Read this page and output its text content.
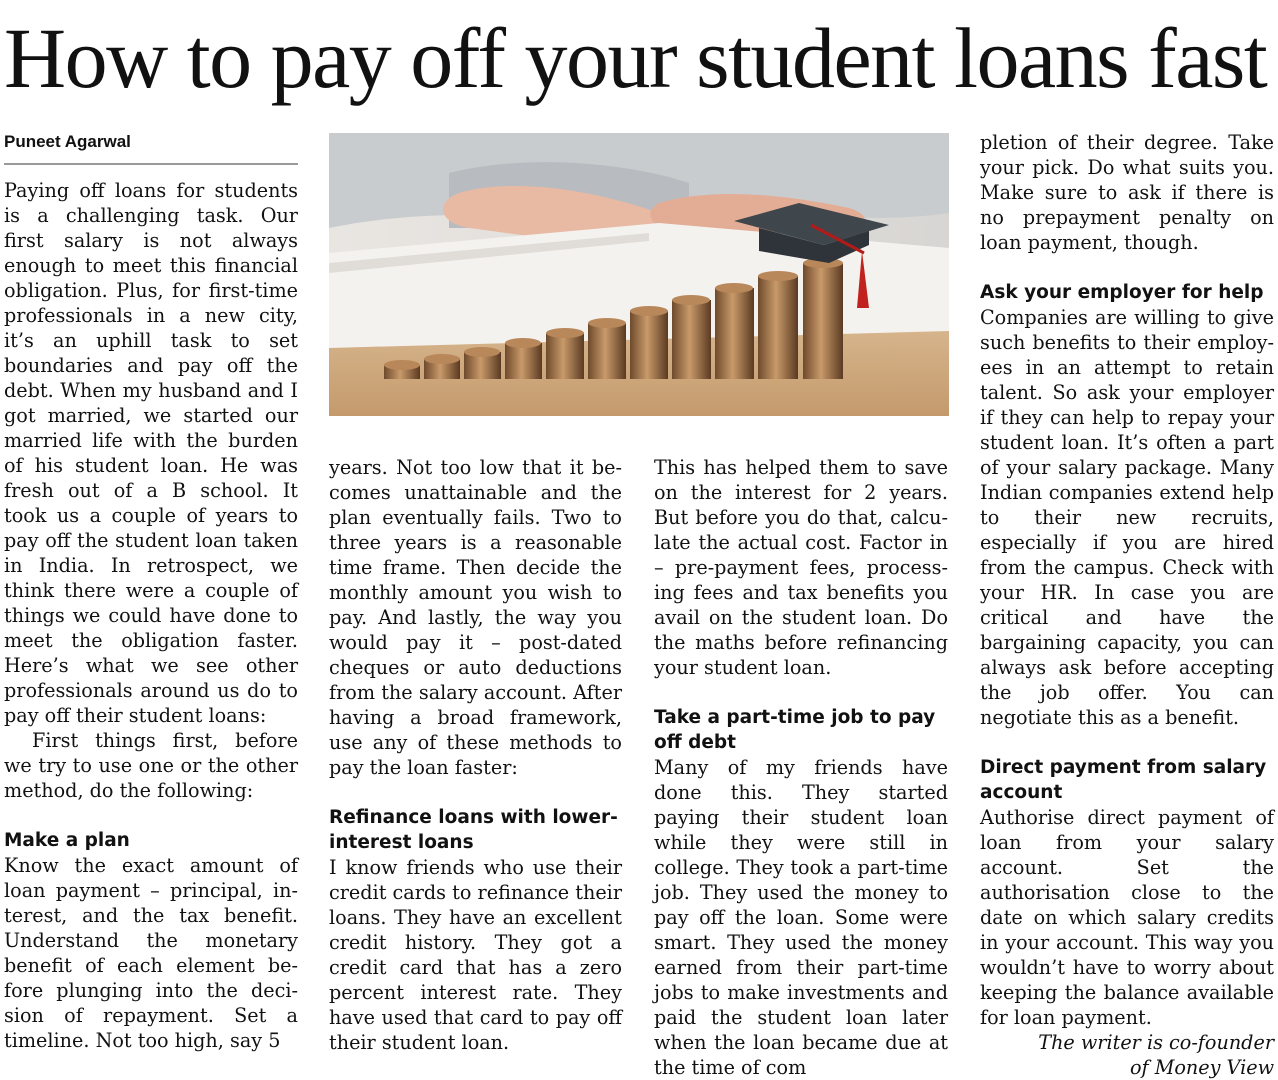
How to pay off your student loans fast
Puneet Agarwal

Paying off loans for students is a challenging task. Our first salary is not always enough to meet this financial obligation. Plus, for first-time professionals in a new city, it’s an uphill task to set boundaries and pay off the debt. When my husband and I got married, we started our married life with the burden of his student loan. He was fresh out of a B school. It took us a couple of years to pay off the student loan taken in India. In retrospect, we think there were a couple of things we could have done to meet the obligation faster. Here’s what we see other professionals around us do to pay off their student loans:

First things first, before we try to use one or the other method, do the following:

Make a plan

Know the exact amount of loan payment – principal, interest, and the tax benefit. Understand the monetary benefit of each element before plunging into the decision of repayment. Set a timeline. Not too high, say 5

years. Not too low that it becomes unattainable and the plan eventually fails. Two to three years is a reasonable time frame. Then decide the monthly amount you wish to pay. And lastly, the way you would pay it – post-dated cheques or auto deductions from the salary account. After having a broad framework, use any of these methods to pay the loan faster:

Refinance loans with lower-interest loans

I know friends who use their credit cards to refinance their loans. They have an excellent credit history. They got a credit card that has a zero percent interest rate. They have used that card to pay off their student loan.

This has helped them to save on the interest for 2 years. But before you do that, calculate the actual cost. Factor in – pre-payment fees, processing fees and tax benefits you avail on the student loan. Do the maths before refinancing your student loan.

Take a part-time job to pay off debt

Many of my friends have done this. They started paying their student loan while they were still in college. They took a part-time job. They used the money to pay off the loan. Some were smart. They used the money earned from their part-time jobs to make investments and paid the student loan later when the loan became due at the time of com

pletion of their degree. Take your pick. Do what suits you. Make sure to ask if there is no prepayment penalty on loan payment, though.

Ask your employer for help

Companies are willing to give such benefits to their employees in an attempt to retain talent. So ask your employer if they can help to repay your student loan. It’s often a part of your salary package. Many Indian companies extend help to their new recruits, especially if you are hired from the campus. Check with your HR. In case you are critical and have the bargaining capacity, you can always ask before accepting the job offer. You can negotiate this as a benefit.

Direct payment from salary account

Authorise direct payment of loan from your salary account. Set the authorisation close to the date on which salary credits in your account. This way you wouldn’t have to worry about keeping the balance available for loan payment.

The writer is co-founder

of Money View
